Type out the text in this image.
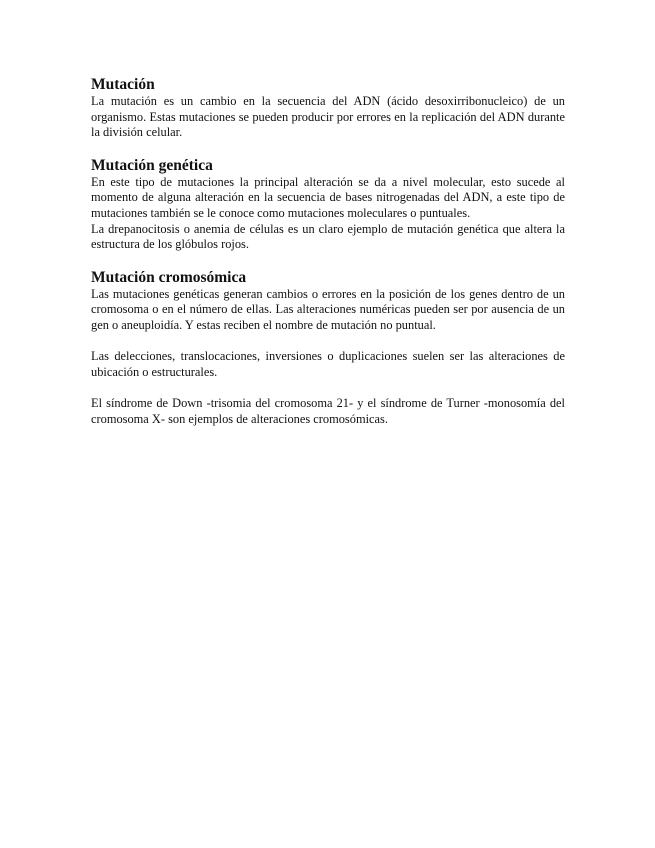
Mutación

La mutación es un cambio en la secuencia del ADN (ácido desoxirribonucleico) de un organismo. Estas mutaciones se pueden producir por errores en la replicación del ADN durante la división celular.

Mutación genética

En este tipo de mutaciones la principal alteración se da a nivel molecular, esto sucede al momento de alguna alteración en la secuencia de bases nitrogenadas del ADN, a este tipo de mutaciones también se le conoce como mutaciones moleculares o puntuales.

La drepanocitosis o anemia de células es un claro ejemplo de mutación genética que altera la estructura de los glóbulos rojos.

Mutación cromosómica

Las mutaciones genéticas generan cambios o errores en la posición de los genes dentro de un cromosoma o en el número de ellas. Las alteraciones numéricas pueden ser por ausencia de un gen o aneuploidía. Y estas reciben el nombre de mutación no puntual.

Las delecciones, translocaciones, inversiones o duplicaciones suelen ser las alteraciones de ubicación o estructurales.

El síndrome de Down -trisomia del cromosoma 21- y el síndrome de Turner -monosomía del cromosoma X- son ejemplos de alteraciones cromosómicas.
